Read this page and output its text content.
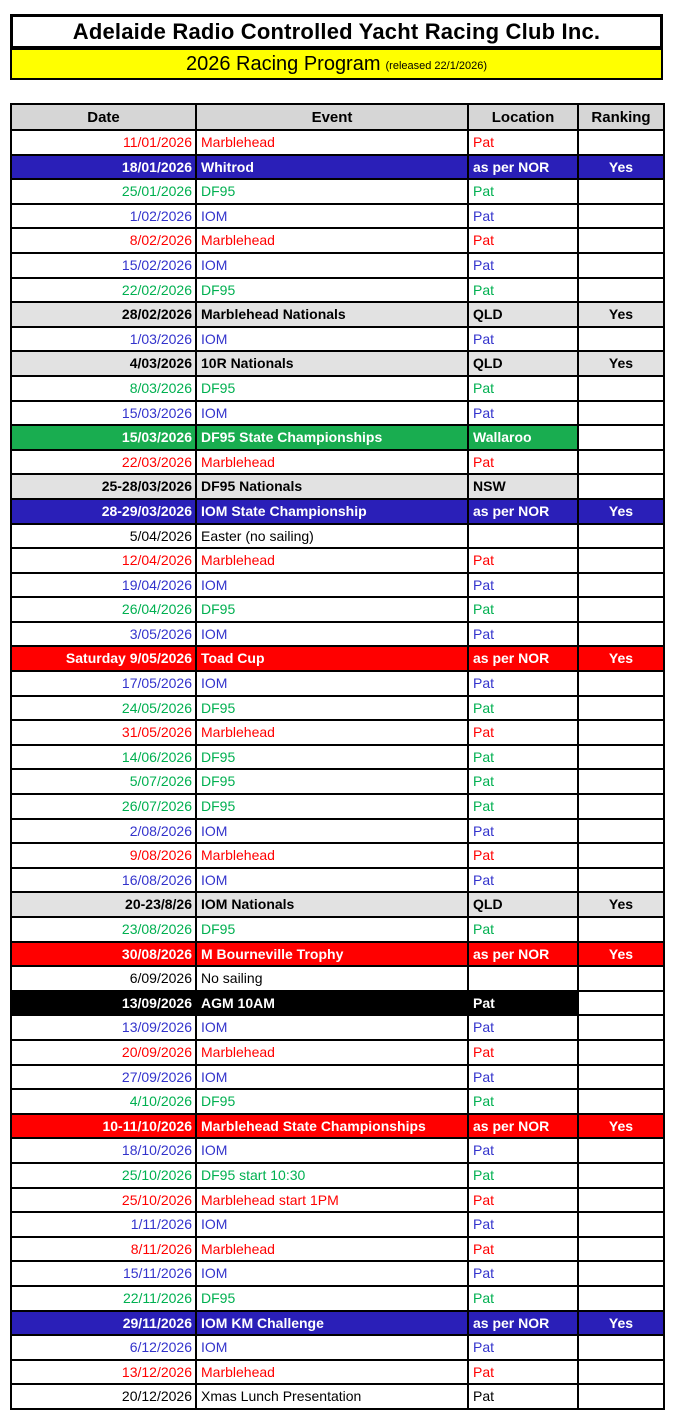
Adelaide Radio Controlled Yacht Racing Club Inc.
2026 Racing Program (released 22/1/2026)
Date	Event	Location	Ranking
11/01/2026	Marblehead	Pat	
18/01/2026	Whitrod	as per NOR	Yes
25/01/2026	DF95	Pat	
1/02/2026	IOM	Pat	
8/02/2026	Marblehead	Pat	
15/02/2026	IOM	Pat	
22/02/2026	DF95	Pat	
28/02/2026	Marblehead Nationals	QLD	Yes
1/03/2026	IOM	Pat	
4/03/2026	10R Nationals	QLD	Yes
8/03/2026	DF95	Pat	
15/03/2026	IOM	Pat	
15/03/2026	DF95 State Championships	Wallaroo	
22/03/2026	Marblehead	Pat	
25-28/03/2026	DF95 Nationals	NSW	
28-29/03/2026	IOM State Championship	as per NOR	Yes
5/04/2026	Easter (no sailing)		
12/04/2026	Marblehead	Pat	
19/04/2026	IOM	Pat	
26/04/2026	DF95	Pat	
3/05/2026	IOM	Pat	
Saturday 9/05/2026	Toad Cup	as per NOR	Yes
17/05/2026	IOM	Pat	
24/05/2026	DF95	Pat	
31/05/2026	Marblehead	Pat	
14/06/2026	DF95	Pat	
5/07/2026	DF95	Pat	
26/07/2026	DF95	Pat	
2/08/2026	IOM	Pat	
9/08/2026	Marblehead	Pat	
16/08/2026	IOM	Pat	
20-23/8/26	IOM Nationals	QLD	Yes
23/08/2026	DF95	Pat	
30/08/2026	M Bourneville Trophy	as per NOR	Yes
6/09/2026	No sailing		
13/09/2026	AGM 10AM	Pat	
13/09/2026	IOM	Pat	
20/09/2026	Marblehead	Pat	
27/09/2026	IOM	Pat	
4/10/2026	DF95	Pat	
10-11/10/2026	Marblehead State Championships	as per NOR	Yes
18/10/2026	IOM	Pat	
25/10/2026	DF95 start 10:30	Pat	
25/10/2026	Marblehead start 1PM	Pat	
1/11/2026	IOM	Pat	
8/11/2026	Marblehead	Pat	
15/11/2026	IOM	Pat	
22/11/2026	DF95	Pat	
29/11/2026	IOM KM Challenge	as per NOR	Yes
6/12/2026	IOM	Pat	
13/12/2026	Marblehead	Pat	
20/12/2026	Xmas Lunch Presentation	Pat	
